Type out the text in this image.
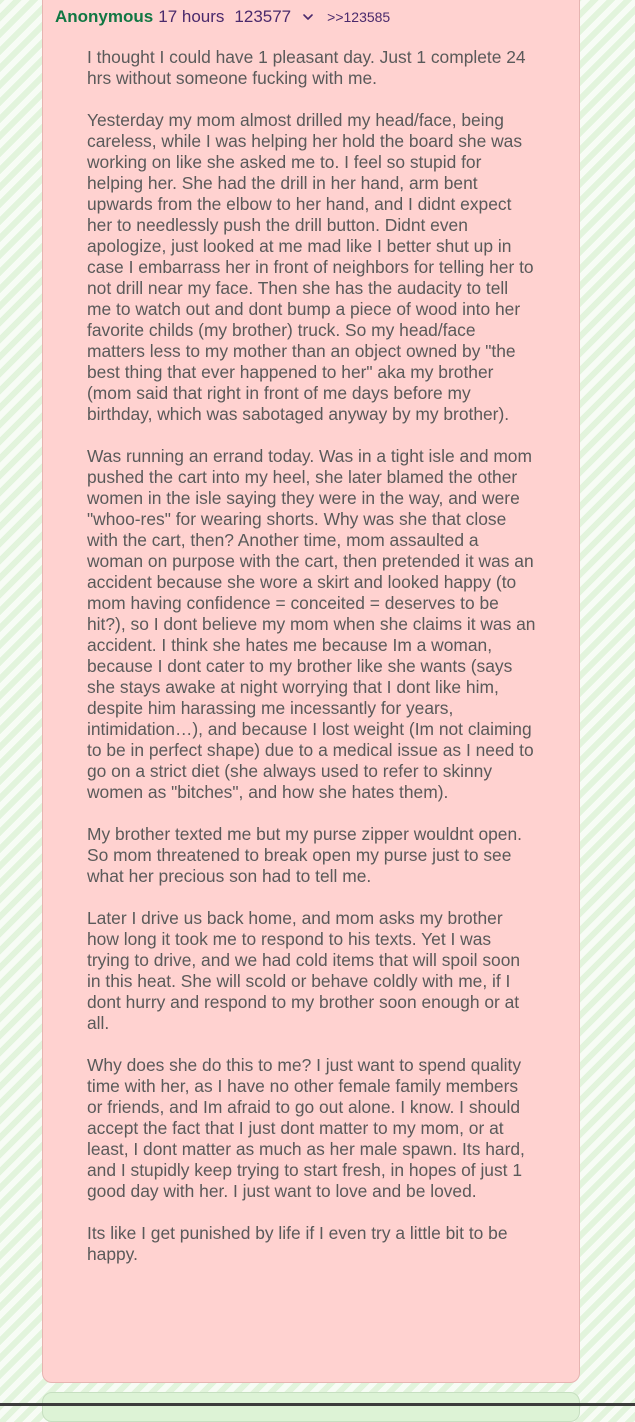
Anonymous 17 hours 123577	>>123585

I thought I could have 1 pleasant day. Just 1 complete 24 hrs without someone fucking with me.

Yesterday my mom almost drilled my head/face, being careless, while I was helping her hold the board she was working on like she asked me to. I feel so stupid for helping her. She had the drill in her hand, arm bent upwards from the elbow to her hand, and I didnt expect her to needlessly push the drill button. Didnt even apologize, just looked at me mad like I better shut up in case I embarrass her in front of neighbors for telling her to not drill near my face. Then she has the audacity to tell me to watch out and dont bump a piece of wood into her favorite childs (my brother) truck. So my head/face matters less to my mother than an object owned by "the best thing that ever happened to her" aka my brother (mom said that right in front of me days before my birthday, which was sabotaged anyway by my brother).

Was running an errand today. Was in a tight isle and mom pushed the cart into my heel, she later blamed the other women in the isle saying they were in the way, and were "whoo-res" for wearing shorts. Why was she that close with the cart, then? Another time, mom assaulted a woman on purpose with the cart, then pretended it was an accident because she wore a skirt and looked happy (to mom having confidence = conceited = deserves to be hit?), so I dont believe my mom when she claims it was an accident. I think she hates me because Im a woman, because I dont cater to my brother like she wants (says she stays awake at night worrying that I dont like him, despite him harassing me incessantly for years, intimidation…), and because I lost weight (Im not claiming to be in perfect shape) due to a medical issue as I need to go on a strict diet (she always used to refer to skinny women as "bitches", and how she hates them).

My brother texted me but my purse zipper wouldnt open. So mom threatened to break open my purse just to see what her precious son had to tell me.

Later I drive us back home, and mom asks my brother how long it took me to respond to his texts. Yet I was trying to drive, and we had cold items that will spoil soon in this heat. She will scold or behave coldly with me, if I dont hurry and respond to my brother soon enough or at all.

Why does she do this to me? I just want to spend quality time with her, as I have no other female family members or friends, and Im afraid to go out alone. I know. I should accept the fact that I just dont matter to my mom, or at least, I dont matter as much as her male spawn. Its hard, and I stupidly keep trying to start fresh, in hopes of just 1 good day with her. I just want to love and be loved.

Its like I get punished by life if I even try a little bit to be happy.
